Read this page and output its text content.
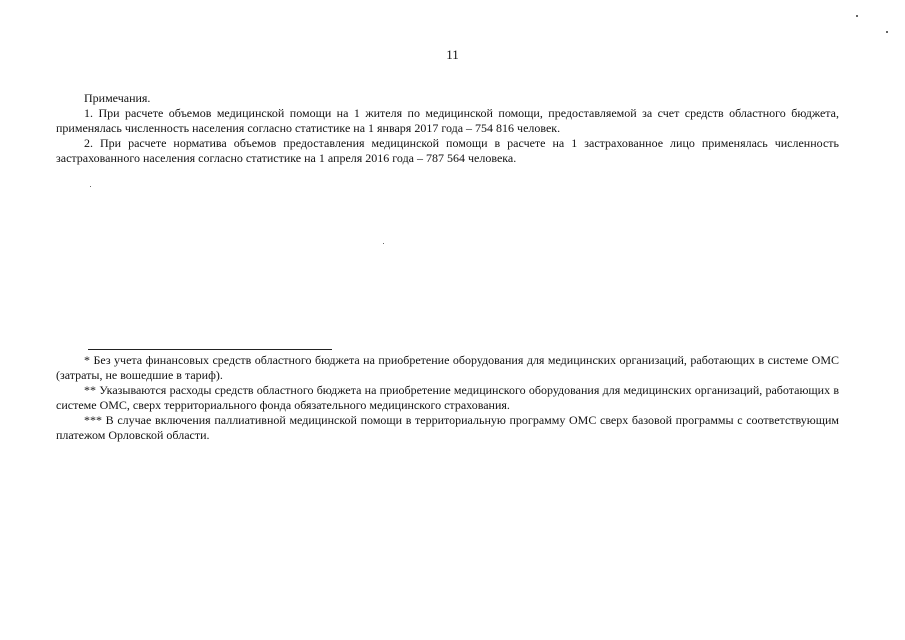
11

Примечания.

1. При расчете объемов медицинской помощи на 1 жителя по медицинской помощи, предоставляемой за счет средств областного бюджета, применялась численность населения согласно статистике на 1 января 2017 года – 754 816 человек.

2. При расчете норматива объемов предоставления медицинской помощи в расчете на 1 застрахованное лицо применялась численность застрахованного населения согласно статистике на 1 апреля 2016 года – 787 564 человека.

* Без учета финансовых средств областного бюджета на приобретение оборудования для медицинских организаций, работающих в системе ОМС (затраты, не вошедшие в тариф).

** Указываются расходы средств областного бюджета на приобретение медицинского оборудования для медицинских организаций, работающих в системе ОМС, сверх территориального фонда обязательного медицинского страхования.

*** В случае включения паллиативной медицинской помощи в территориальную программу ОМС сверх базовой программы с соответствующим платежом Орловской области.
